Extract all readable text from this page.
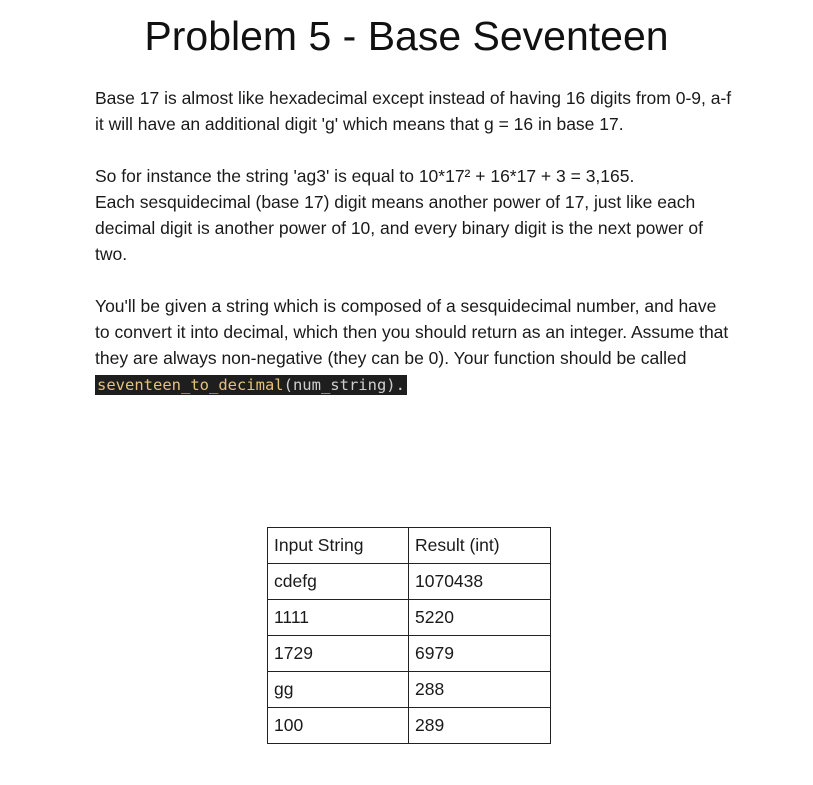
Problem 5 - Base Seventeen

Base 17 is almost like hexadecimal except instead of having 16 digits from 0-9, a-f it will have an additional digit 'g' which means that g = 16 in base 17.

So for instance the string 'ag3' is equal to 10*17² + 16*17 + 3 = 3,165.
Each sesquidecimal (base 17) digit means another power of 17, just like each decimal digit is another power of 10, and every binary digit is the next power of two.

You'll be given a string which is composed of a sesquidecimal number, and have to convert it into decimal, which then you should return as an integer. Assume that they are always non-negative (they can be 0). Your function should be called
seventeen_to_decimal(num_string).

Input String	Result (int)
cdefg	1070438
1111	5220
1729	6979
gg	288
100	289
